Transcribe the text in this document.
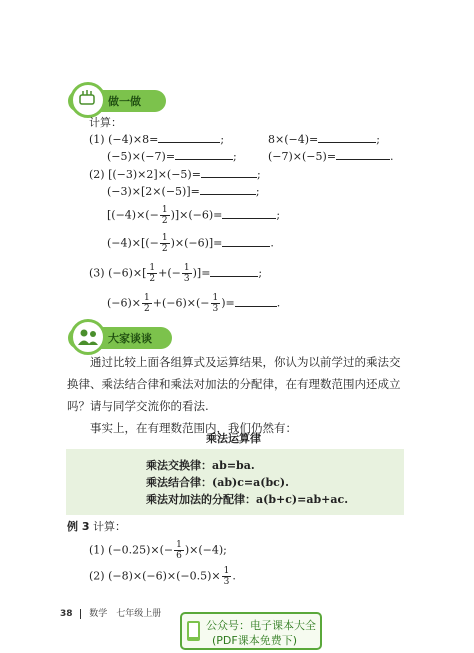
做一做
计算：
(1) (−4)×8=	;	8×(−4)=	;
(−5)×(−7)=	;	(−7)×(−5)=	.
(2) [(−3)×2]×(−5)=	;
(−3)×[2×(−5)]=	;
$[(-4)\times(- \frac{1}{2} )]\times(-6)=$	;
$(-4)\times[(- \frac{1}{2} )\times(-6)]=$	.
(3) $(-6)\times[ \frac{1}{2}$ +(− $\frac{1}{3}$ )]=	;
$(-6)\times \frac{1}{2} +(-6)\times(- \frac{1}{3}$ )=	.
大家谈谈
通过比较上面各组算式及运算结果，你认为以前学过的乘法交换律、乘法结合律和乘法对加法的分配律，在有理数范围内还成立吗？请与同学交流你的看法.
事实上，在有理数范围内，我们仍然有：
乘法运算律
乘法交换律：ab=ba.
乘法结合律：(ab)c=a(bc).
乘法对加法的分配律：a(b+c)=ab+ac.
例 3 计算：
(1) $(-0.25)\times(- \frac{1}{6} )\times(-4)$;
(2) $(-8)\times(-6)\times(-0.5)\times \frac{1}{3}$ .
38 数学　七年级上册
公众号：电子课本大全
(PDF课本免费下)
